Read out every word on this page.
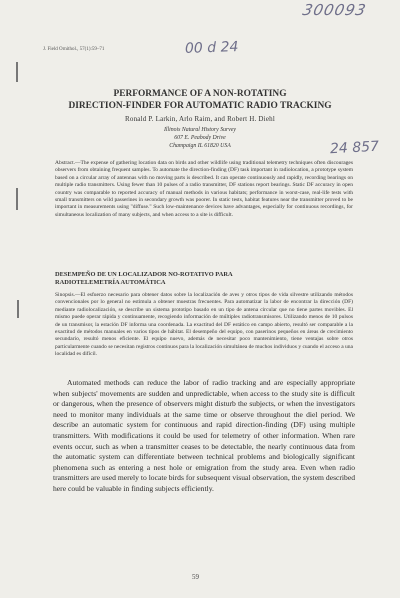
300093
00 d 24
24 857
J. Field Ornithol., 57(1):59–71
PERFORMANCE OF A NON-ROTATING
DIRECTION-FINDER FOR AUTOMATIC RADIO TRACKING
Ronald P. Larkin, Arlo Raim, and Robert H. Diehl
Illinois Natural History Survey
607 E. Peabody Drive
Champaign IL 61820 USA

Abstract.—The expense of gathering location data on birds and other wildlife using traditional telemetry techniques often discourages observers from obtaining frequent samples. To automate the direction-finding (DF) task important in radiolocation, a prototype system based on a circular array of antennas with no moving parts is described. It can operate continuously and rapidly, recording bearings on multiple radio transmitters. Using fewer than 10 pulses of a radio transmitter, DF stations report bearings. Static DF accuracy in open country was comparable to reported accuracy of manual methods in various habitats; performance in worst-case, real-life tests with small transmitters on wild passerines in secondary growth was poorer. In static tests, habitat features near the transmitter proved to be important in measurements using "diffuse." Such low-maintenance devices have advantages, especially for continuous recordings, for simultaneous localization of many subjects, and when access to a site is difficult.

DESEMPEÑO DE UN LOCALIZADOR NO-ROTATIVO PARA
RADIOTELEMETRÍA AUTOMÁTICA

Sinopsis.—El esfuerzo necesario para obtener datos sobre la localización de aves y otros tipos de vida silvestre utilizando métodos convencionales por lo general no estimula a obtener muestras frecuentes. Para automatizar la labor de encontrar la dirección (DF) mediante radiolocalización, se describe un sistema prototipo basado en un tipo de antena circular que no tiene partes movibles. El mismo puede operar rápida y continuamente, recogiendo información de múltiples radiotransmisores. Utilizando menos de 10 pulsos de un transmisor, la estación DF informa una coordenada. La exactitud del DF estático en campo abierto, resultó ser comparable a la exactitud de métodos manuales en varios tipos de hábitat. El desempeño del equipo, con paserinos pequeños en áreas de crecimiento secundario, resultó menos eficiente. El equipo nuevo, además de necesitar poco mantenimiento, tiene ventajas sobre otros particularmente cuando se necesitan registros continuos para la localización simultánea de muchos individuos y cuando el acceso a una localidad es difícil.

Automated methods can reduce the labor of radio tracking and are especially appropriate when subjects' movements are sudden and unpredictable, when access to the study site is difficult or dangerous, when the presence of observers might disturb the subjects, or when the investigators need to monitor many individuals at the same time or observe throughout the diel period. We describe an automatic system for continuous and rapid direction-finding (DF) using multiple transmitters. With modifications it could be used for telemetry of other information. When rare events occur, such as when a transmitter ceases to be detectable, the nearly continuous data from the automatic system can differentiate between technical problems and biologically significant phenomena such as entering a nest hole or emigration from the study area. Even when radio transmitters are used merely to locate birds for subsequent visual observation, the system described here could be valuable in finding subjects efficiently.

59
